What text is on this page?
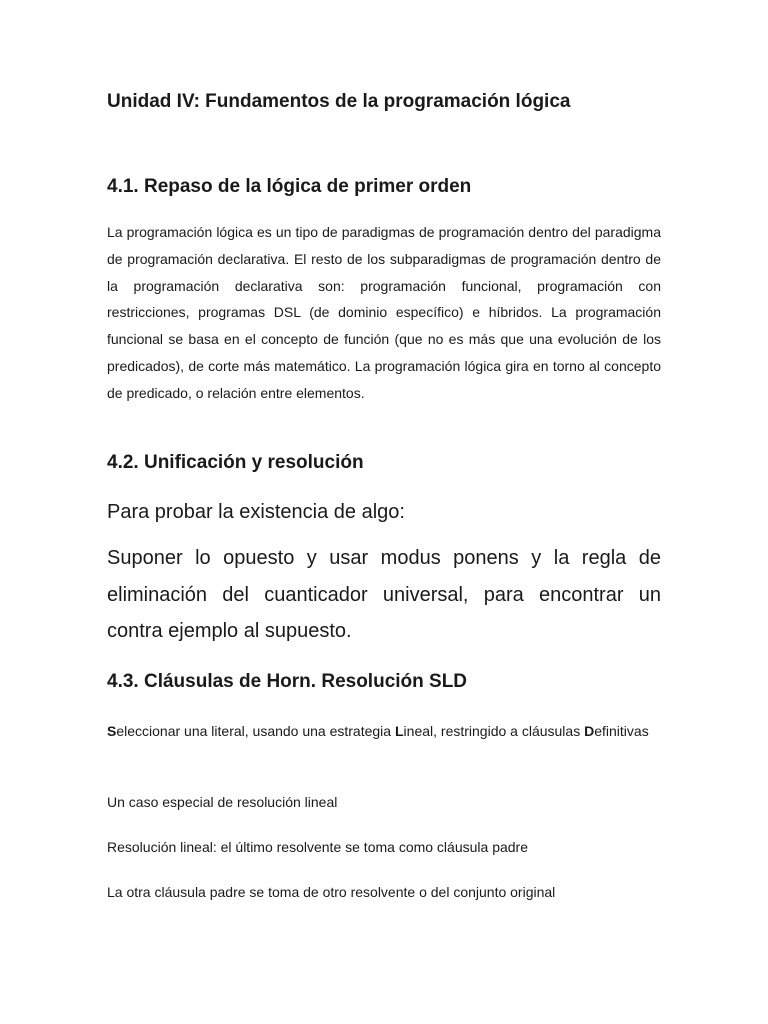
Unidad IV: Fundamentos de la programación lógica
4.1. Repaso de la lógica de primer orden

La programación lógica es un tipo de paradigmas de programación dentro del paradigma de programación declarativa. El resto de los subparadigmas de programación dentro de la programación declarativa son: programación funcional, programación con restricciones, programas DSL (de dominio específico) e híbridos. La programación funcional se basa en el concepto de función (que no es más que una evolución de los predicados), de corte más matemático. La programación lógica gira en torno al concepto de predicado, o relación entre elementos.

4.2. Unificación y resolución

Para probar la existencia de algo:

Suponer lo opuesto y usar modus ponens y la regla de eliminación del cuanticador universal, para encontrar un contra ejemplo al supuesto.

4.3. Cláusulas de Horn. Resolución SLD

Seleccionar una literal, usando una estrategia Lineal, restringido a cláusulas Definitivas

Un caso especial de resolución lineal

Resolución lineal: el último resolvente se toma como cláusula padre

La otra cláusula padre se toma de otro resolvente o del conjunto original
